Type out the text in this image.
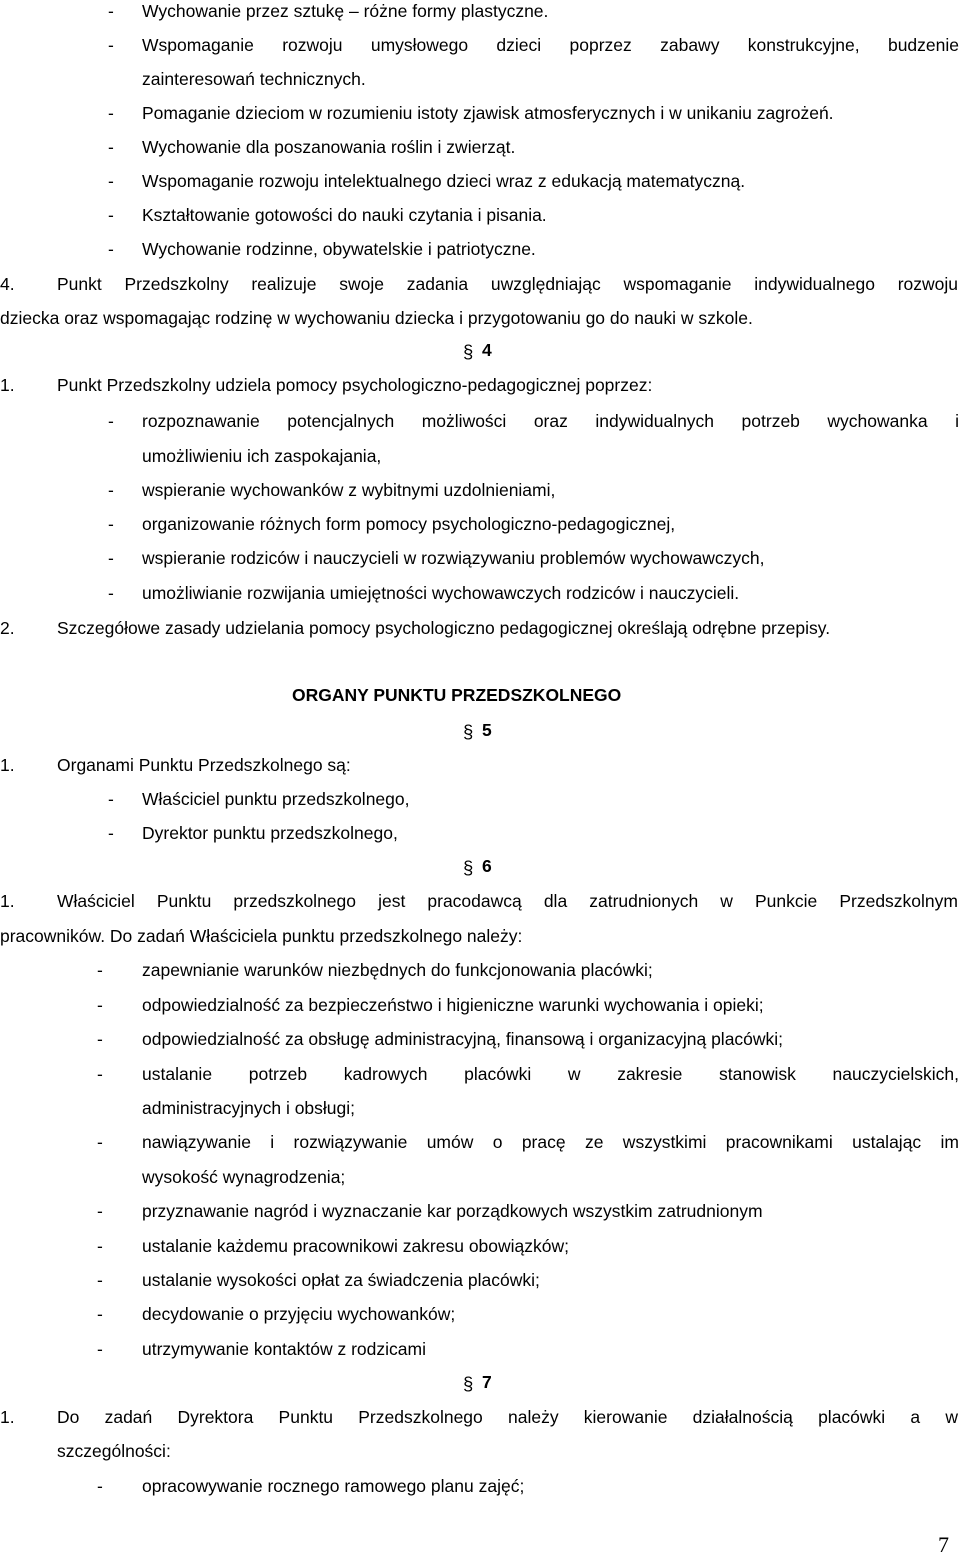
- Wychowanie przez sztukę – różne formy plastyczne.
- Wspomaganie rozwoju umysłowego dzieci poprzez zabawy konstrukcyjne, budzenie
zainteresowań technicznych.
- Pomaganie dzieciom w rozumieniu istoty zjawisk atmosferycznych i w unikaniu zagrożeń.
- Wychowanie dla poszanowania roślin i zwierząt.
- Wspomaganie rozwoju intelektualnego dzieci wraz z edukacją matematyczną.
- Kształtowanie gotowości do nauki czytania i pisania.
- Wychowanie rodzinne, obywatelskie i patriotyczne.
4. Punkt Przedszkolny realizuje swoje zadania uwzględniając wspomaganie indywidualnego rozwoju
dziecka oraz wspomagając rodzinę w wychowaniu dziecka i przygotowaniu go do nauki w szkole.
§ 4
1. Punkt Przedszkolny udziela pomocy psychologiczno-pedagogicznej poprzez:
- rozpoznawanie potencjalnych możliwości oraz indywidualnych potrzeb wychowanka i
umożliwieniu ich zaspokajania,
- wspieranie wychowanków z wybitnymi uzdolnieniami,
- organizowanie różnych form pomocy psychologiczno-pedagogicznej,
- wspieranie rodziców i nauczycieli w rozwiązywaniu problemów wychowawczych,
- umożliwianie rozwijania umiejętności wychowawczych rodziców i nauczycieli.
2. Szczegółowe zasady udzielania pomocy psychologiczno pedagogicznej określają odrębne przepisy.
ORGANY PUNKTU PRZEDSZKOLNEGO
§ 5
1. Organami Punktu Przedszkolnego są:
- Właściciel punktu przedszkolnego,
- Dyrektor punktu przedszkolnego,
§ 6
1. Właściciel Punktu przedszkolnego jest pracodawcą dla zatrudnionych w Punkcie Przedszkolnym
pracowników. Do zadań Właściciela punktu przedszkolnego należy:
- zapewnianie warunków niezbędnych do funkcjonowania placówki;
- odpowiedzialność za bezpieczeństwo i higieniczne warunki wychowania i opieki;
- odpowiedzialność za obsługę administracyjną, finansową i organizacyjną placówki;
- ustalanie potrzeb kadrowych placówki w zakresie stanowisk nauczycielskich,
administracyjnych i obsługi;
- nawiązywanie i rozwiązywanie umów o pracę ze wszystkimi pracownikami ustalając im
wysokość wynagrodzenia;
- przyznawanie nagród i wyznaczanie kar porządkowych wszystkim zatrudnionym
- ustalanie każdemu pracownikowi zakresu obowiązków;
- ustalanie wysokości opłat za świadczenia placówki;
- decydowanie o przyjęciu wychowanków;
- utrzymywanie kontaktów z rodzicami
§ 7
1. Do zadań Dyrektora Punktu Przedszkolnego należy kierowanie działalnością placówki a w
szczególności:
- opracowywanie rocznego ramowego planu zajęć;
7
